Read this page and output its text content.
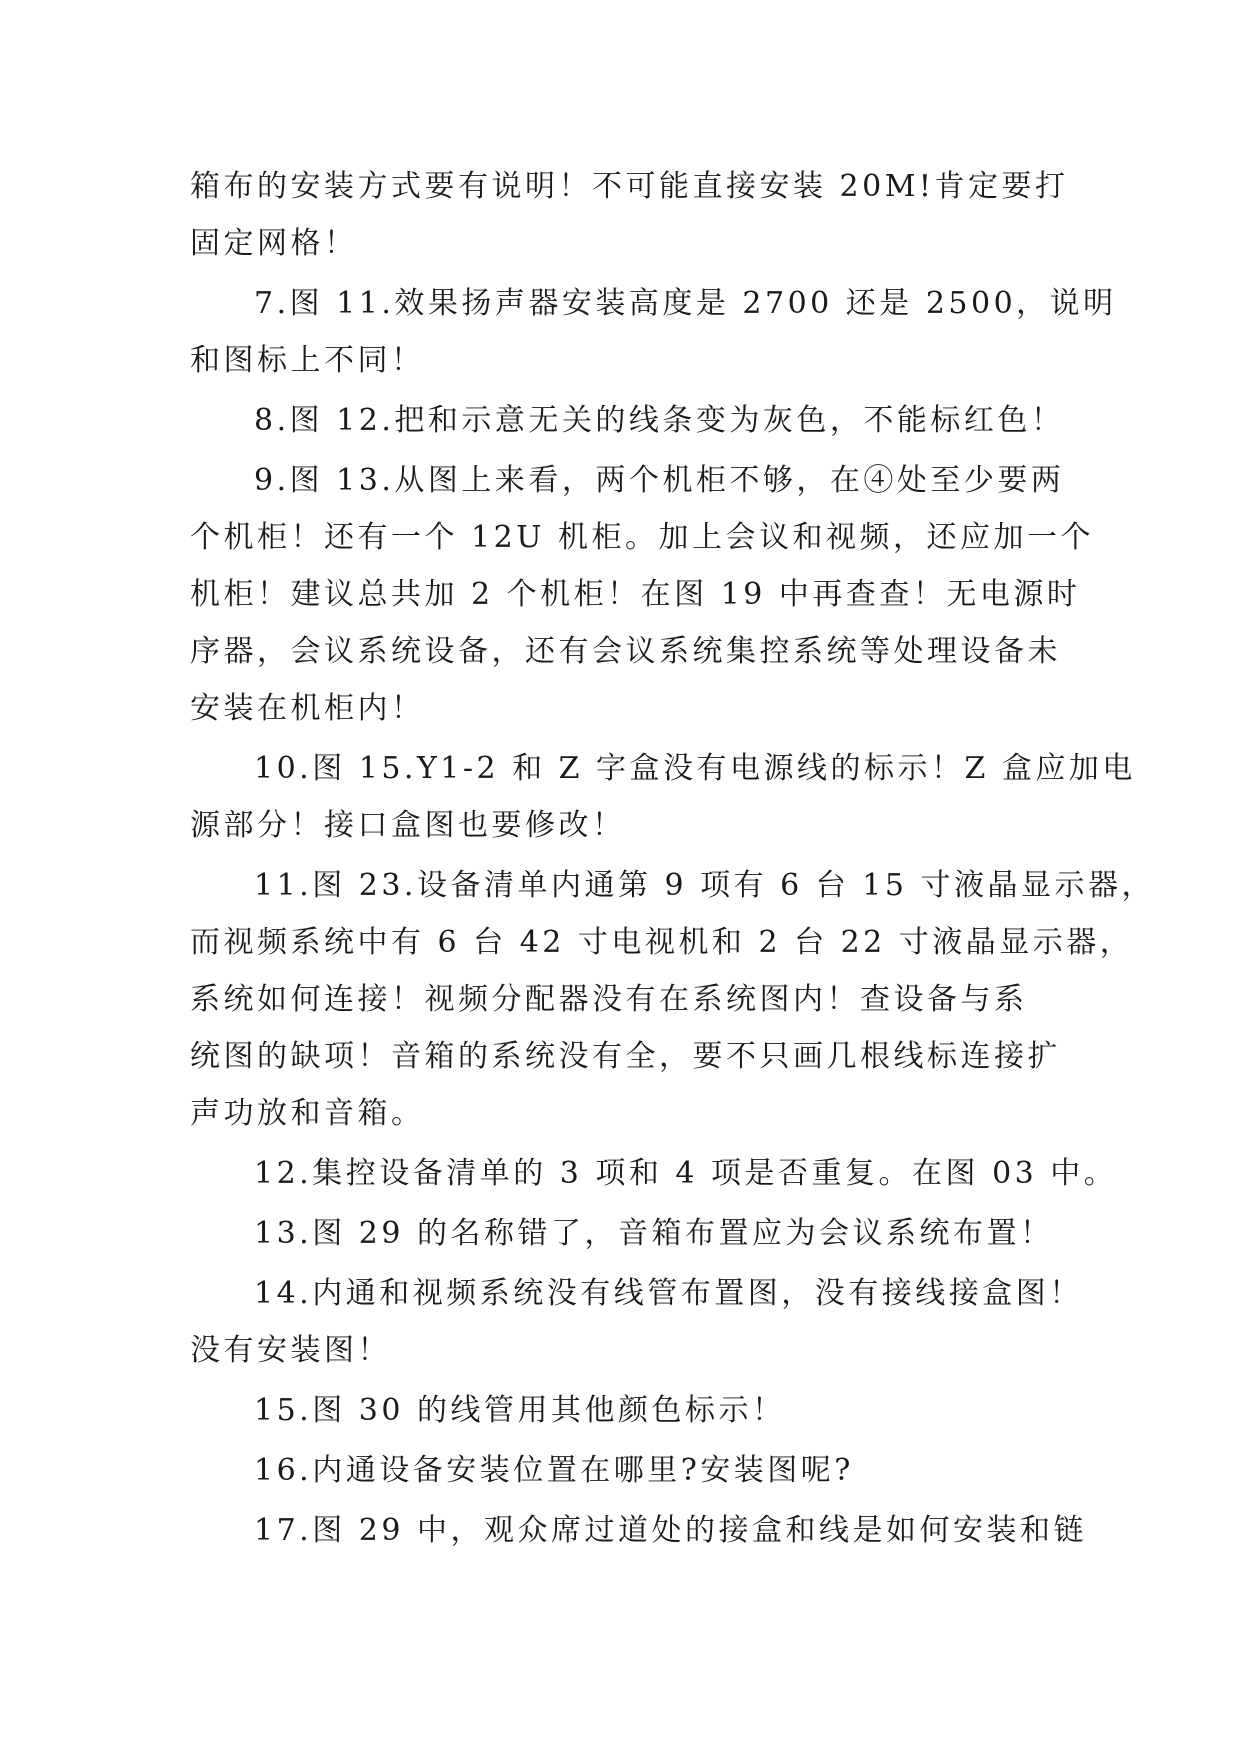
箱布的安装方式要有说明！不可能直接安装 20M!肯定要打
固定网格！
7.图 11.效果扬声器安装高度是 2700 还是 2500，说明
和图标上不同！
8.图 12.把和示意无关的线条变为灰色，不能标红色！
9.图 13.从图上来看，两个机柜不够，在④处至少要两
个机柜！还有一个 12U 机柜。加上会议和视频，还应加一个
机柜！建议总共加 2 个机柜！在图 19 中再查查！无电源时
序器，会议系统设备，还有会议系统集控系统等处理设备未
安装在机柜内！
10.图 15.Y1-2 和 Z 字盒没有电源线的标示！Z 盒应加电
源部分！接口盒图也要修改！
11.图 23.设备清单内通第 9 项有 6 台 15 寸液晶显示器，
而视频系统中有 6 台 42 寸电视机和 2 台 22 寸液晶显示器，
系统如何连接！视频分配器没有在系统图内！查设备与系
统图的缺项！音箱的系统没有全，要不只画几根线标连接扩
声功放和音箱。
12.集控设备清单的 3 项和 4 项是否重复。在图 03 中。
13.图 29 的名称错了，音箱布置应为会议系统布置！
14.内通和视频系统没有线管布置图，没有接线接盒图！
没有安装图！
15.图 30 的线管用其他颜色标示！
16.内通设备安装位置在哪里?安装图呢?
17.图 29 中，观众席过道处的接盒和线是如何安装和链
